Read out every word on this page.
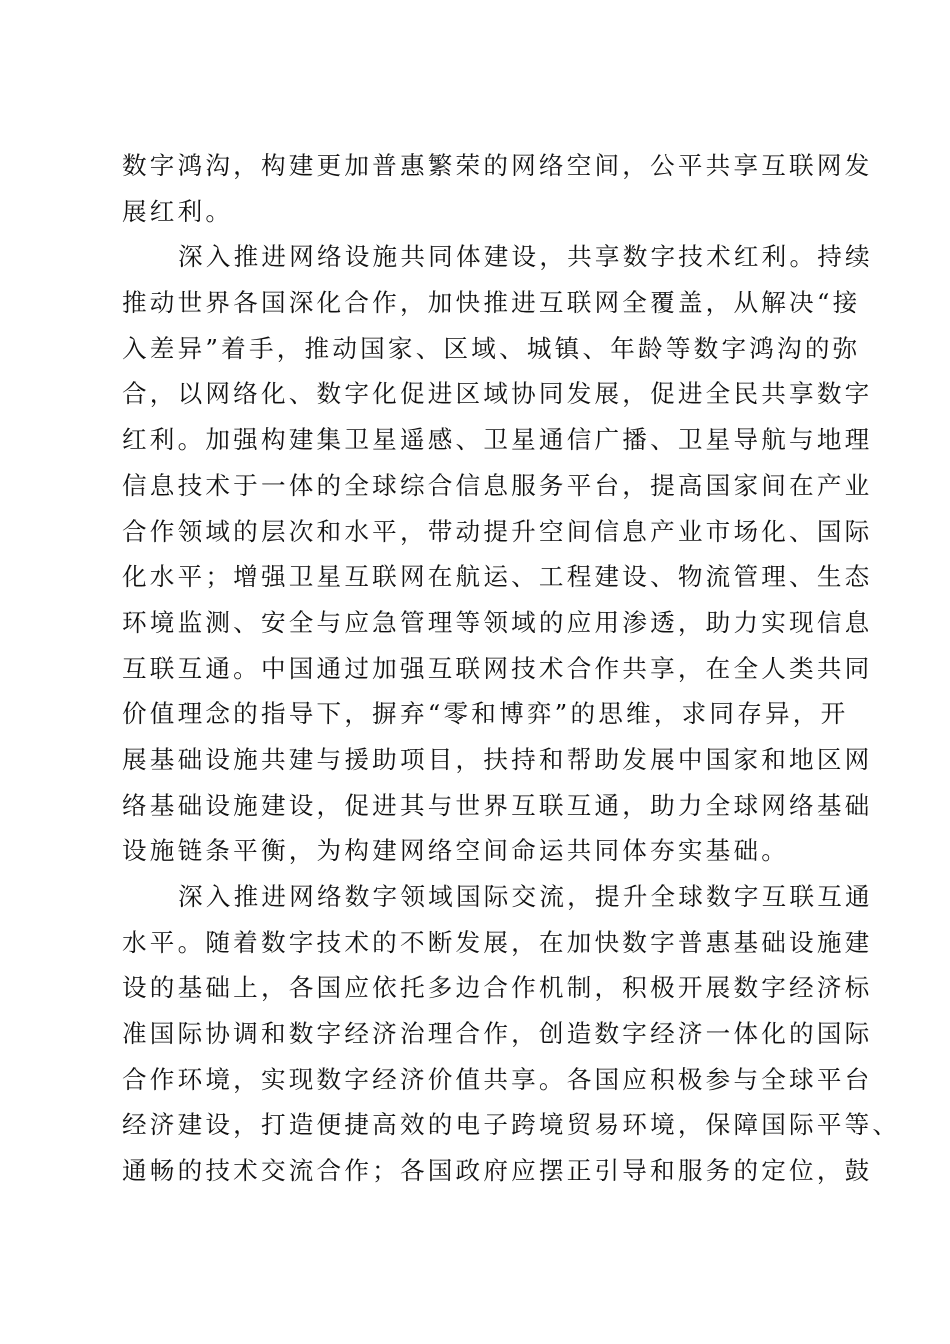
数字鸿沟，构建更加普惠繁荣的网络空间，公平共享互联网发
展红利。
深入推进网络设施共同体建设，共享数字技术红利。持续
推动世界各国深化合作，加快推进互联网全覆盖，从解决“接
入差异”着手，推动国家、区域、城镇、年龄等数字鸿沟的弥
合，以网络化、数字化促进区域协同发展，促进全民共享数字
红利。加强构建集卫星遥感、卫星通信广播、卫星导航与地理
信息技术于一体的全球综合信息服务平台，提高国家间在产业
合作领域的层次和水平，带动提升空间信息产业市场化、国际
化水平；增强卫星互联网在航运、工程建设、物流管理、生态
环境监测、安全与应急管理等领域的应用渗透，助力实现信息
互联互通。中国通过加强互联网技术合作共享，在全人类共同
价值理念的指导下，摒弃“零和博弈”的思维，求同存异，开
展基础设施共建与援助项目，扶持和帮助发展中国家和地区网
络基础设施建设，促进其与世界互联互通，助力全球网络基础
设施链条平衡，为构建网络空间命运共同体夯实基础。
深入推进网络数字领域国际交流，提升全球数字互联互通
水平。随着数字技术的不断发展，在加快数字普惠基础设施建
设的基础上，各国应依托多边合作机制，积极开展数字经济标
准国际协调和数字经济治理合作，创造数字经济一体化的国际
合作环境，实现数字经济价值共享。各国应积极参与全球平台
经济建设，打造便捷高效的电子跨境贸易环境，保障国际平等、
通畅的技术交流合作；各国政府应摆正引导和服务的定位，鼓
